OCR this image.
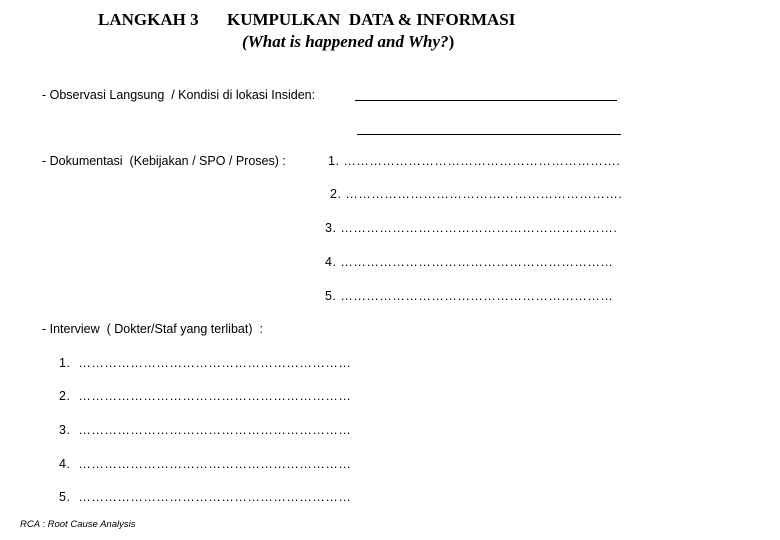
LANGKAH 3 KUMPULKAN  DATA & INFORMASI
(What is happened and Why?)
- Observasi Langsung  / Kondisi di lokasi Insiden:
- Dokumentasi  (Kebijakan / SPO / Proses) :	1. ……………………………………………………….
2. ……………………………………………………….
3. ……………………………………………………….
4. ………………………………………………………
5. ………………………………………………………
- Interview  ( Dokter/Staf yang terlibat)  :
1.  ………………………………………………………
2.  ………………………………………………………
3.  ………………………………………………………
4.  ………………………………………………………
5.  ………………………………………………………
RCA : Root Cause Analysis
